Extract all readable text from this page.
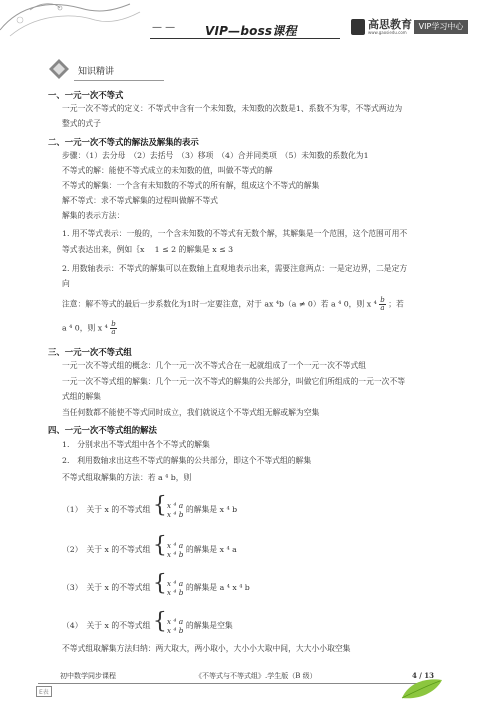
— — VIP—boss课程	高思教育
www.gaosiedu.com
VIP学习中心
知识精讲
一、一元一次不等式
一元一次不等式的定义：不等式中含有一个未知数，未知数的次数是1、系数不为零，不等式两边为
整式的式子
二、一元一次不等式的解法及解集的表示
步骤：（1）去分母　（2）去括号　（3）移项　（4）合并同类项　（5）未知数的系数化为1
不等式的解：能使不等式成立的未知数的值，叫做不等式的解
不等式的解集：一个含有未知数的不等式的所有解，组成这个不等式的解集
解不等式：求不等式解集的过程叫做解不等式
解集的表示方法：
1. 用不等式表示：一般的，一个含未知数的不等式有无数个解，其解集是一个范围，这个范围可用不
等式表达出来，例如｛x　 1 ≤ 2 的解集是 x ≤ 3
2. 用数轴表示：不等式的解集可以在数轴上直观地表示出来，需要注意两点：一是定边界，二是定方
向
注意：解不等式的最后一步系数化为1时一定要注意，对于 ax ⁴b（a ≠ 0）若 a ⁴ 0，则 x $^4 \frac{b}{a}$ ；若
a ⁴ 0，则 x $^4 \frac{b}{a}$
三、一元一次不等式组
一元一次不等式组的概念：几个一元一次不等式合在一起就组成了一个一元一次不等式组
一元一次不等式组的解集：几个一元一次不等式的解集的公共部分，叫做它们所组成的一元一次不等
式组的解集
当任何数都不能使不等式同时成立，我们就说这个不等式组无解或解为空集
四、一元一次不等式组的解法
1.　分别求出不等式组中各个不等式的解集
2.　利用数轴求出这些不等式的解集的公共部分，即这个不等式组的解集
不等式组取解集的方法：若 a ⁴ b，则
（1）　关于 x 的不等式组 {x ⁴ a
x ⁴ b 的解集是 x ⁴ b
（2）　关于 x 的不等式组 {x ⁴ a
x ⁴ b 的解集是 x ⁴ a
（3）　关于 x 的不等式组 {x ⁴ a
x ⁴ b 的解集是 a ⁴ x ⁴ b
（4）　关于 x 的不等式组 {x ⁴ a
x ⁴ b 的解集是空集
不等式组取解集方法归纳：两大取大，两小取小，大小小大取中间，大大小小取空集
初中数学同步课程	《不等式与不等式组》.学生版（B 级）	4 / 13
E表
